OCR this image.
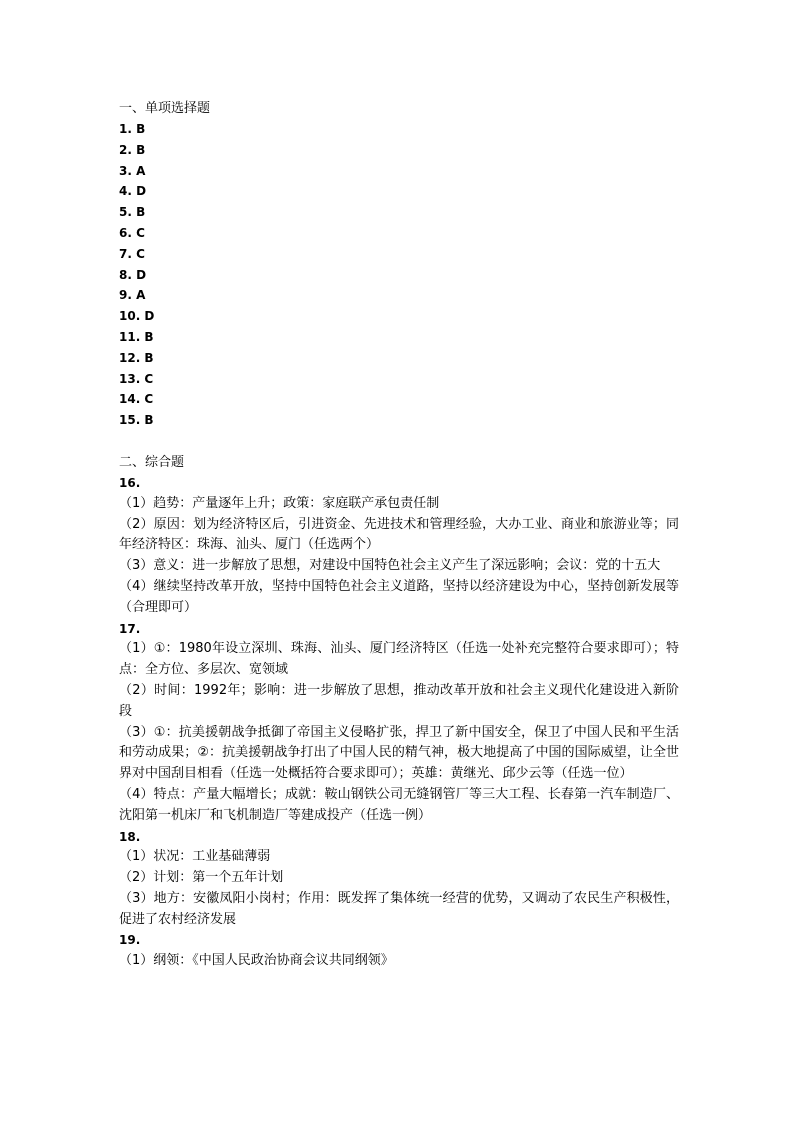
一、单项选择题
1. B
2. B
3. A
4. D
5. B
6. C
7. C
8. D
9. A
10. D
11. B
12. B
13. C
14. C
15. B
二、综合题
16.
（1）趋势：产量逐年上升；政策：家庭联产承包责任制
（2）原因：划为经济特区后，引进资金、先进技术和管理经验，大办工业、商业和旅游业等；同年经济特区：珠海、汕头、厦门（任选两个）
（3）意义：进一步解放了思想，对建设中国特色社会主义产生了深远影响；会议：党的十五大
（4）继续坚持改革开放，坚持中国特色社会主义道路，坚持以经济建设为中心，坚持创新发展等（合理即可）
17.
（1）①：1980年设立深圳、珠海、汕头、厦门经济特区（任选一处补充完整符合要求即可）；特点：全方位、多层次、宽领域
（2）时间：1992年；影响：进一步解放了思想，推动改革开放和社会主义现代化建设进入新阶段
（3）①：抗美援朝战争抵御了帝国主义侵略扩张，捍卫了新中国安全，保卫了中国人民和平生活和劳动成果；②：抗美援朝战争打出了中国人民的精气神，极大地提高了中国的国际威望，让全世界对中国刮目相看（任选一处概括符合要求即可）；英雄：黄继光、邱少云等（任选一位）
（4）特点：产量大幅增长；成就：鞍山钢铁公司无缝钢管厂等三大工程、长春第一汽车制造厂、沈阳第一机床厂和飞机制造厂等建成投产（任选一例）
18.
（1）状况：工业基础薄弱
（2）计划：第一个五年计划
（3）地方：安徽凤阳小岗村；作用：既发挥了集体统一经营的优势，又调动了农民生产积极性，促进了农村经济发展
19.
（1）纲领：《中国人民政治协商会议共同纲领》
